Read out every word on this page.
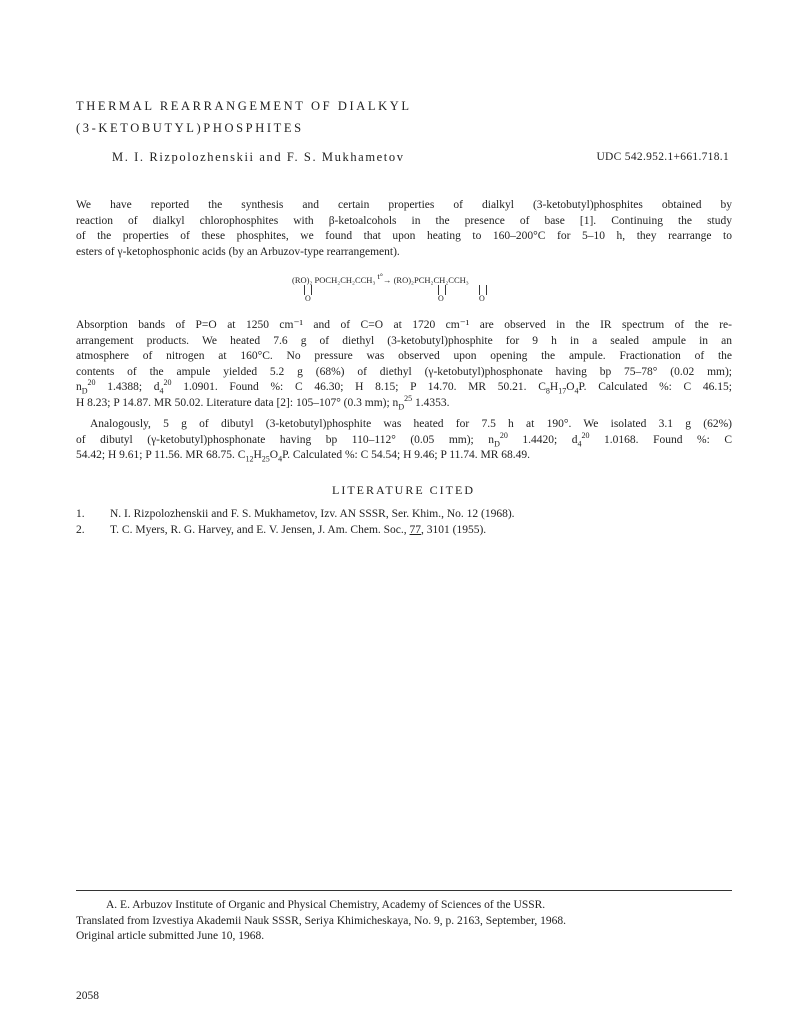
THERMAL REARRANGEMENT OF DIALKYL
(3-KETOBUTYL)PHOSPHITES
M. I. Rizpolozhenskii and F. S. Mukhametov	UDC 542.952.1+661.718.1
We have reported the synthesis and certain properties of dialkyl (3-ketobutyl)phosphites obtained by
reaction of dialkyl chlorophosphites with β-ketoalcohols in the presence of base [1]. Continuing the study
of the properties of these phosphites, we found that upon heating to 160–200°C for 5–10 h, they rearrange to
esters of γ-ketophosphonic acids (by an Arbuzov-type rearrangement).
(RO)₂ POCH₂CH₂CCH₃ $^{t^\circ}$→ (RO)₂PCH₂CH₂CCH₃
O	O	O
Absorption bands of P=O at 1250 cm⁻¹ and of C=O at 1720 cm⁻¹ are observed in the IR spectrum of the re-
arrangement products. We heated 7.6 g of diethyl (3-ketobutyl)phosphite for 9 h in a sealed ampule in an
atmosphere of nitrogen at 160°C. No pressure was observed upon opening the ampule. Fractionation of the
contents of the ampule yielded 5.2 g (68%) of diethyl (γ-ketobutyl)phosphonate having bp 75–78° (0.02 mm);
$n_D^{20}$ 1.4388; $d_4^{20}$ 1.0901. Found %: C 46.30; H 8.15; P 14.70. MR 50.21. $C_8H_{17}O_4P$. Calculated %: C 46.15;
H 8.23; P 14.87. MR 50.02. Literature data [2]: 105–107° (0.3 mm); $n_D^{25}$ 1.4353.
Analogously, 5 g of dibutyl (3-ketobutyl)phosphite was heated for 7.5 h at 190°. We isolated 3.1 g (62%)
of dibutyl (γ-ketobutyl)phosphonate having bp 110–112° (0.05 mm); $n_D^{20}$ 1.4420; $d_4^{20}$ 1.0168. Found %: C
54.42; H 9.61; P 11.56. MR 68.75. $C_{12}H_{25}O_4P$. Calculated %: C 54.54; H 9.46; P 11.74. MR 68.49.
LITERATURE CITED
1. N. I. Rizpolozhenskii and F. S. Mukhametov, Izv. AN SSSR, Ser. Khim., No. 12 (1968).
2. T. C. Myers, R. G. Harvey, and E. V. Jensen, J. Am. Chem. Soc., 77, 3101 (1955).
A. E. Arbuzov Institute of Organic and Physical Chemistry, Academy of Sciences of the USSR.
Translated from Izvestiya Akademii Nauk SSSR, Seriya Khimicheskaya, No. 9, p. 2163, September, 1968.
Original article submitted June 10, 1968.
2058
